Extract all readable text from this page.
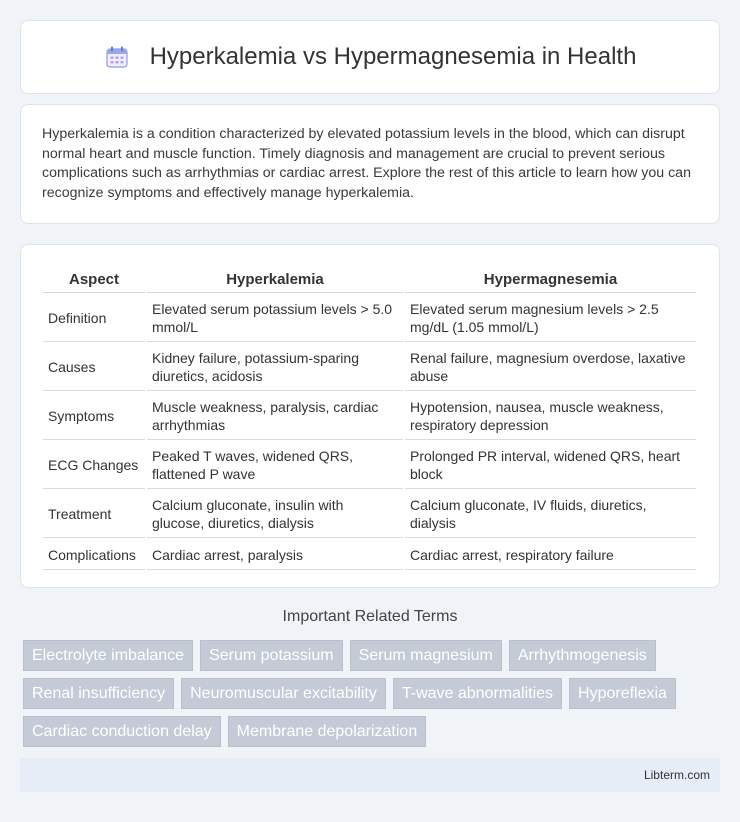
Hyperkalemia vs Hypermagnesemia in Health

Hyperkalemia is a condition characterized by elevated potassium levels in the blood, which can disrupt normal heart and muscle function. Timely diagnosis and management are crucial to prevent serious complications such as arrhythmias or cardiac arrest. Explore the rest of this article to learn how you can recognize symptoms and effectively manage hyperkalemia.

Aspect	Hyperkalemia	Hypermagnesemia
Definition	Elevated serum potassium levels > 5.0 mmol/L	Elevated serum magnesium levels > 2.5 mg/dL (1.05 mmol/L)
Causes	Kidney failure, potassium-sparing diuretics, acidosis	Renal failure, magnesium overdose, laxative abuse
Symptoms	Muscle weakness, paralysis, cardiac arrhythmias	Hypotension, nausea, muscle weakness, respiratory depression
ECG Changes	Peaked T waves, widened QRS, flattened P wave	Prolonged PR interval, widened QRS, heart block
Treatment	Calcium gluconate, insulin with glucose, diuretics, dialysis	Calcium gluconate, IV fluids, diuretics, dialysis
Complications	Cardiac arrest, paralysis	Cardiac arrest, respiratory failure
Important Related Terms
Electrolyte imbalance	Serum potassium	Serum magnesium	Arrhythmogenesis
Renal insufficiency	Neuromuscular excitability	T-wave abnormalities	Hyporeflexia
Cardiac conduction delay	Membrane depolarization
Libterm.com
